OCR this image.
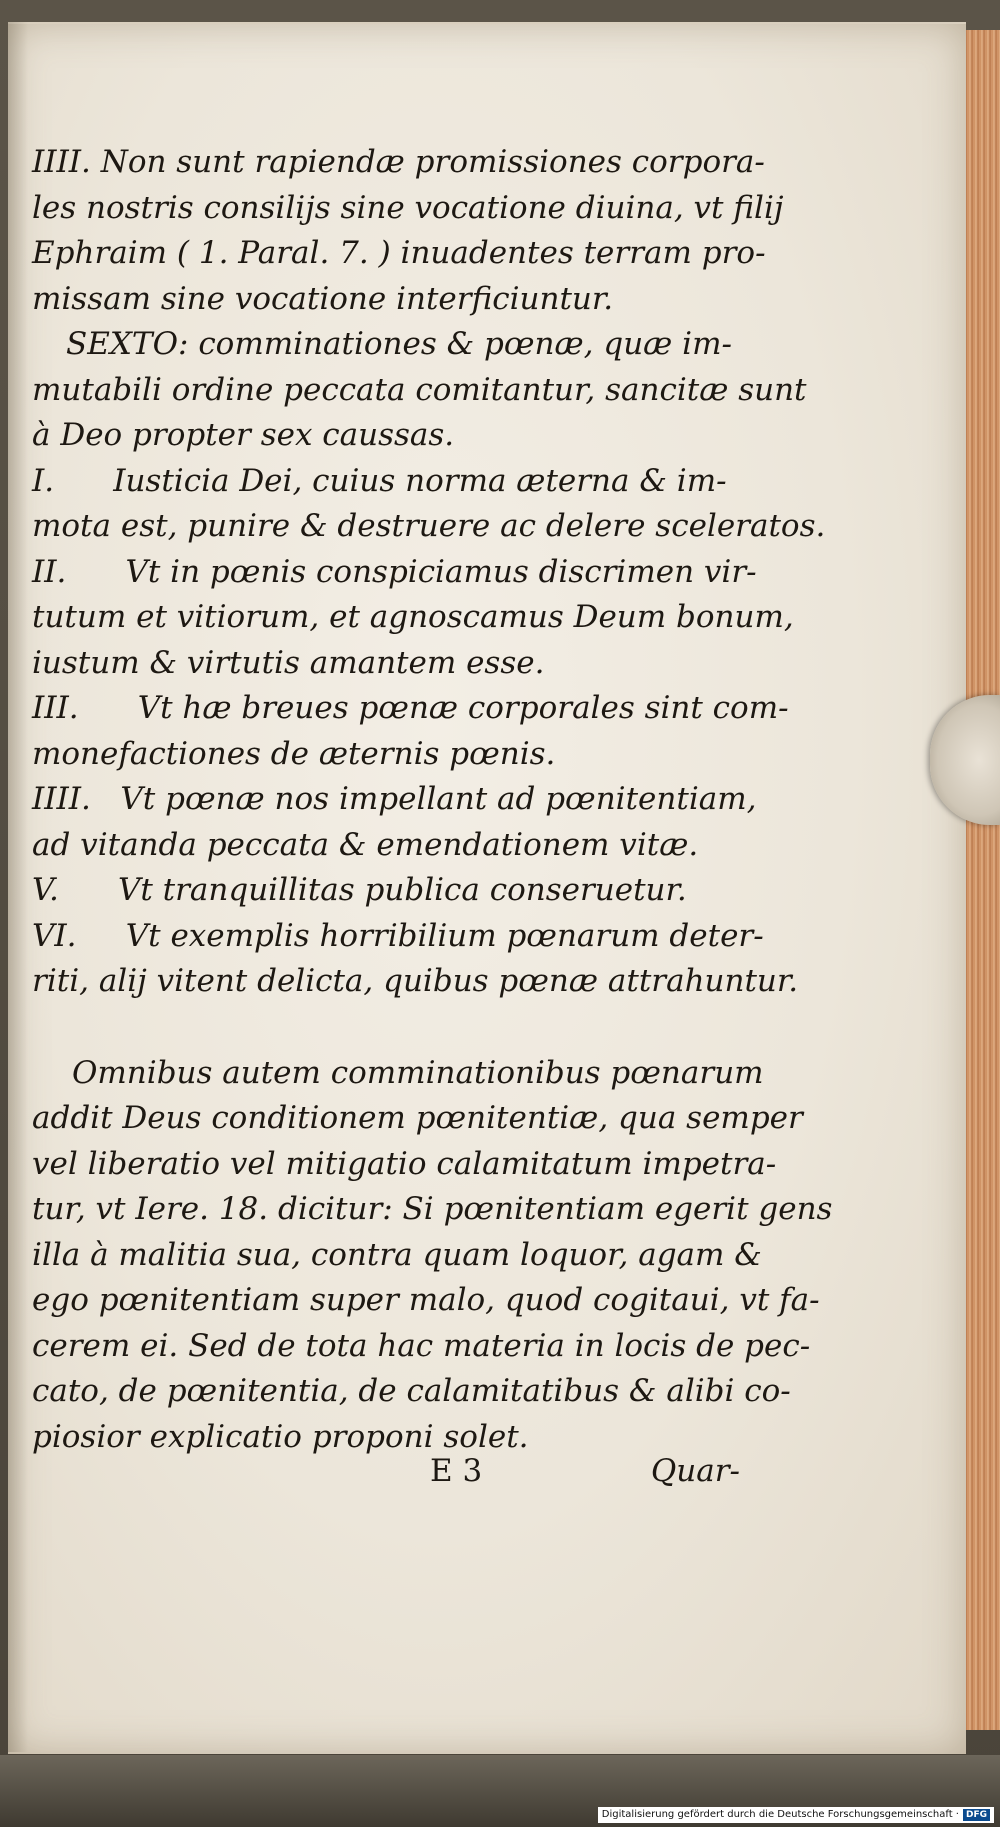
IIII. Non sunt rapiendæ promissiones corpora-
les nostris consilijs sine vocatione diuina, vt filij
Ephraim ( 1. Paral. 7. ) inuadentes terram pro-
missam sine vocatione interficiuntur.
SEXTO: comminationes & pœnæ, quæ im-
mutabili ordine peccata comitantur, sancitæ sunt
à Deo propter sex caussas.
I.      Iusticia Dei, cuius norma æterna & im-
mota est, punire & destruere ac delere sceleratos.
II.      Vt in pœnis conspiciamus discrimen vir-
tutum et vitiorum, et agnoscamus Deum bonum,
iustum & virtutis amantem esse.
III.      Vt hæ breues pœnæ corporales sint com-
monefactiones de æternis pœnis.
IIII.   Vt pœnæ nos impellant ad pœnitentiam,
ad vitanda peccata & emendationem vitæ.
V.      Vt tranquillitas publica conseruetur.
VI.     Vt exemplis horribilium pœnarum deter-
riti, alij vitent delicta, quibus pœnæ attrahuntur.
Omnibus autem comminationibus pœnarum
addit Deus conditionem pœnitentiæ, qua semper
vel liberatio vel mitigatio calamitatum impetra-
tur, vt Iere. 18. dicitur: Si pœnitentiam egerit gens
illa à malitia sua, contra quam loquor, agam &
ego pœnitentiam super malo, quod cogitaui, vt fa-
cerem ei. Sed de tota hac materia in locis de pec-
cato, de pœnitentia, de calamitatibus & alibi co-
piosior explicatio proponi solet.
E 3	Quar-
Digitalisierung gefördert durch die Deutsche Forschungsgemeinschaft · DFG
